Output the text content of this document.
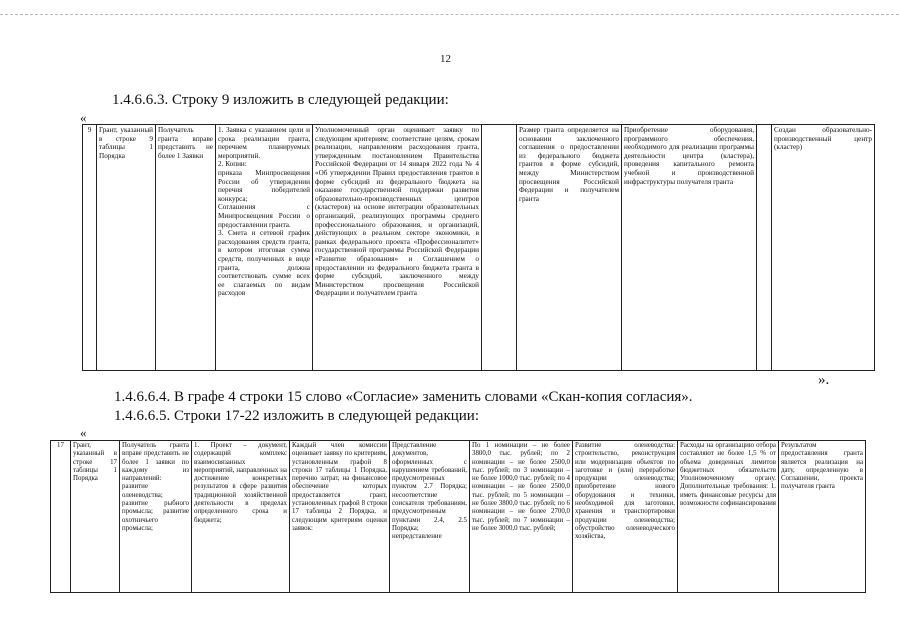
12
1.4.6.6.3. Строку 9 изложить в следующей редакции:
«
9	Грант, указанный в строке 9 таблицы 1 Порядка	Получатель гранта вправе представить не более 1 Заявки	1. Заявка с указанием цели и срока реализации гранта, перечнем планируемых мероприятий.
2. Копии:
приказа Минпросвещения России об утверждении перечня победителей конкурса;
Соглашения с Минпросвещения России о предоставлении гранта.
3. Смета и сетевой график расходования средств гранта, в котором итоговая сумма средств, полученных в виде гранта, должна соответствовать сумме всех ее слагаемых по видам расходов	Уполномоченный орган оценивает заявку по следующим критериям: соответствие целям, срокам реализации, направлениям расходования гранта, утвержденным постановлением Правительства Российской Федерации от 14 января 2022 года № 4 «Об утверждении Правил предоставления грантов в форме субсидий из федерального бюджета на оказание государственной поддержки развития образовательно-производственных центров (кластеров) на основе интеграции образовательных организаций, реализующих программы среднего профессионального образования, и организаций, действующих в реальном секторе экономики, в рамках федерального проекта «Профессионалитет» государственной программы Российской Федерации «Развитие образования» и Соглашением о предоставлении из федерального бюджета гранта в форме субсидий, заключенного между Министерством просвещения Российской Федерации и получателем гранта		Размер гранта определяется на основании заключенного соглашения о предоставлении из федерального бюджета грантов в форме субсидий, между Министерством просвещения Российской Федерации и получателем гранта	Приобретение оборудования, программного обеспечения, необходимого для реализации программы деятельности центра (кластера), проведения капитального ремонта учебной и производственной инфраструктуры получателя гранта		Создан образовательно-производственный центр (кластер)
».
1.4.6.6.4. В графе 4 строки 15 слово «Согласие» заменить словами «Скан-копия согласия».
1.4.6.6.5. Строки 17-22 изложить в следующей редакции:
«
17	Грант, указанный в строке 17 таблицы 1 Порядка	Получатель гранта вправе представить не более 1 заявки по каждому из направлений: развитие оленеводства; развитие рыбного промысла; развитие охотничьего промысла;	1. Проект – документ, содержащий комплекс взаимосвязанных мероприятий, направленных на достижение конкретных результатов в сфере развития традиционной хозяйственной деятельности в пределах определенного срока и бюджета;	Каждый член комиссии оценивает заявку по критериям, установленным графой 8 строки 17 таблицы 1 Порядка, перечню затрат, на финансовое обеспечение которых предоставляется грант, установленных графой 8 строки 17 таблицы 2 Порядка, и следующим критериям оценки заявок:	Представление документов, оформленных с нарушением требований, предусмотренных пунктом 2.7 Порядка; несоответствие соискателя требованиям, предусмотренным пунктами 2.4, 2.5 Порядка; непредставление	По 1 номинации – не более 3800,0 тыс. рублей; по 2 номинации – не более 2500,0 тыс. рублей; по 3 номинации – не более 1000,0 тыс. рублей; по 4 номинации – не более 2500,0 тыс. рублей; по 5 номинации – не более 3800,0 тыс. рублей; по 6 номинации – не более 2700,0 тыс. рублей; по 7 номинации – не более 3000,0 тыс. рублей;	Развитие оленеводства: строительство, реконструкция или модернизация объектов по заготовке и (или) переработке продукции оленеводства; приобретение нового оборудования и техники, необходимой для заготовки, хранения и транспортировки продукции оленеводства; обустройство оленеводческого хозяйства,	Расходы на организацию отбора составляют не более 1,5 % от объема доведенных лимитов бюджетных обязательств Уполномоченному органу. Дополнительные требования: 1. иметь финансовые ресурсы для возможности софинансирования	Результатом предоставления гранта является реализация на дату, определенную в Соглашении, проекта получателя гранта
